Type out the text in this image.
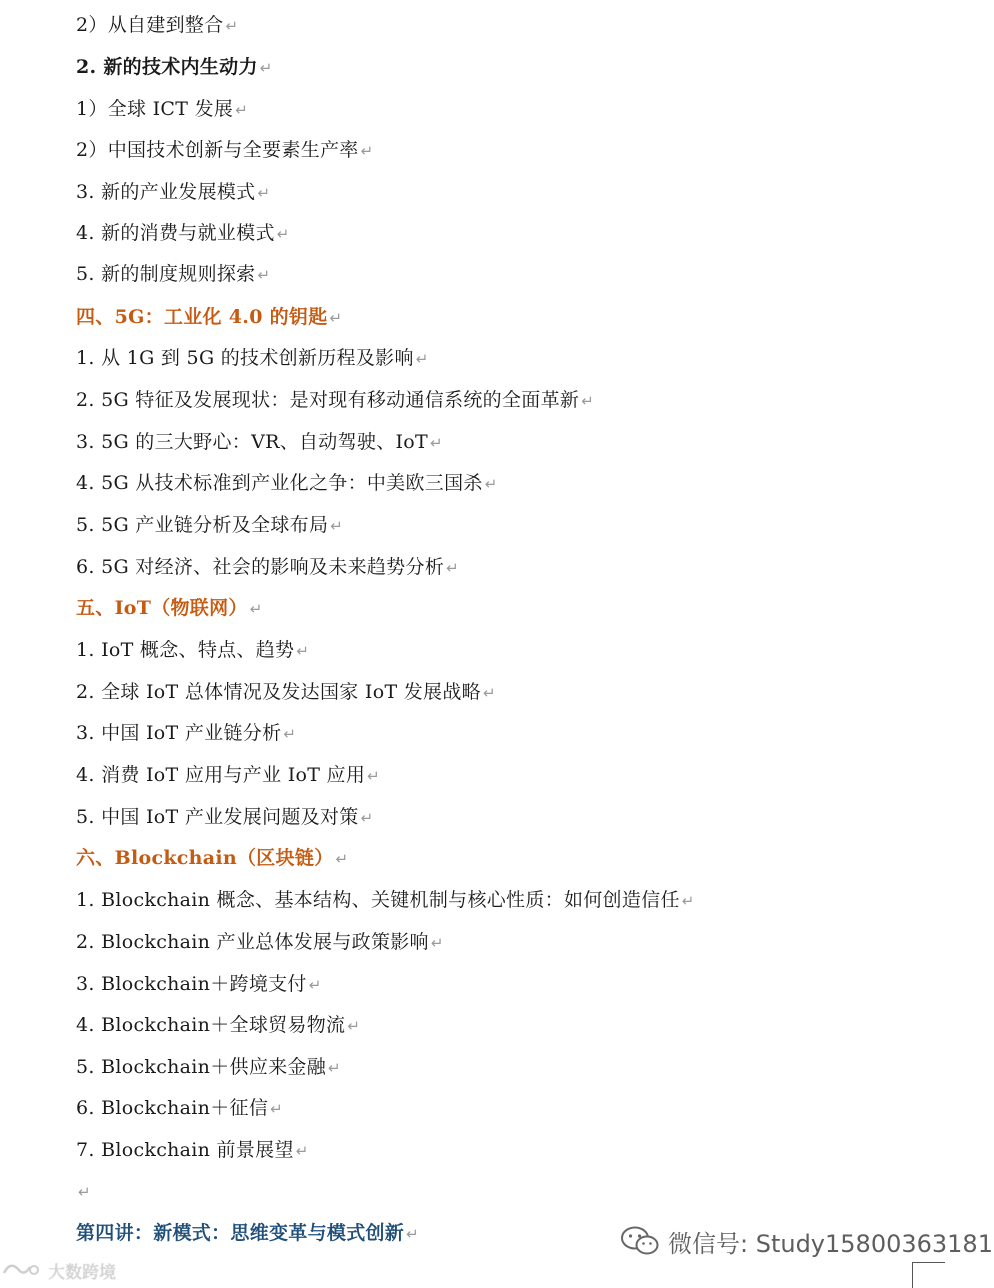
2）从自建到整合 ↵
2. 新的技术内生动力 ↵
1）全球 ICT 发展 ↵
2）中国技术创新与全要素生产率 ↵
3. 新的产业发展模式 ↵
4. 新的消费与就业模式 ↵
5. 新的制度规则探索 ↵
四、5G：工业化 4.0 的钥匙 ↵
1. 从 1G 到 5G 的技术创新历程及影响 ↵
2. 5G 特征及发展现状：是对现有移动通信系统的全面革新 ↵
3. 5G 的三大野心：VR、自动驾驶、IoT ↵
4. 5G 从技术标准到产业化之争：中美欧三国杀 ↵
5. 5G 产业链分析及全球布局 ↵
6. 5G 对经济、社会的影响及未来趋势分析 ↵
五、IoT（物联网） ↵
1. IoT 概念、特点、趋势 ↵
2. 全球 IoT 总体情况及发达国家 IoT 发展战略 ↵
3. 中国 IoT 产业链分析 ↵
4. 消费 IoT 应用与产业 IoT 应用 ↵
5. 中国 IoT 产业发展问题及对策 ↵
六、Blockchain（区块链） ↵
1. Blockchain 概念、基本结构、关键机制与核心性质：如何创造信任 ↵
2. Blockchain 产业总体发展与政策影响 ↵
3. Blockchain＋跨境支付 ↵
4. Blockchain＋全球贸易物流 ↵
5. Blockchain＋供应来金融 ↵
6. Blockchain＋征信 ↵
7. Blockchain 前景展望 ↵
↵
第四讲：新模式：思维变革与模式创新 ↵	微信号: Study15800363181
大数跨境
